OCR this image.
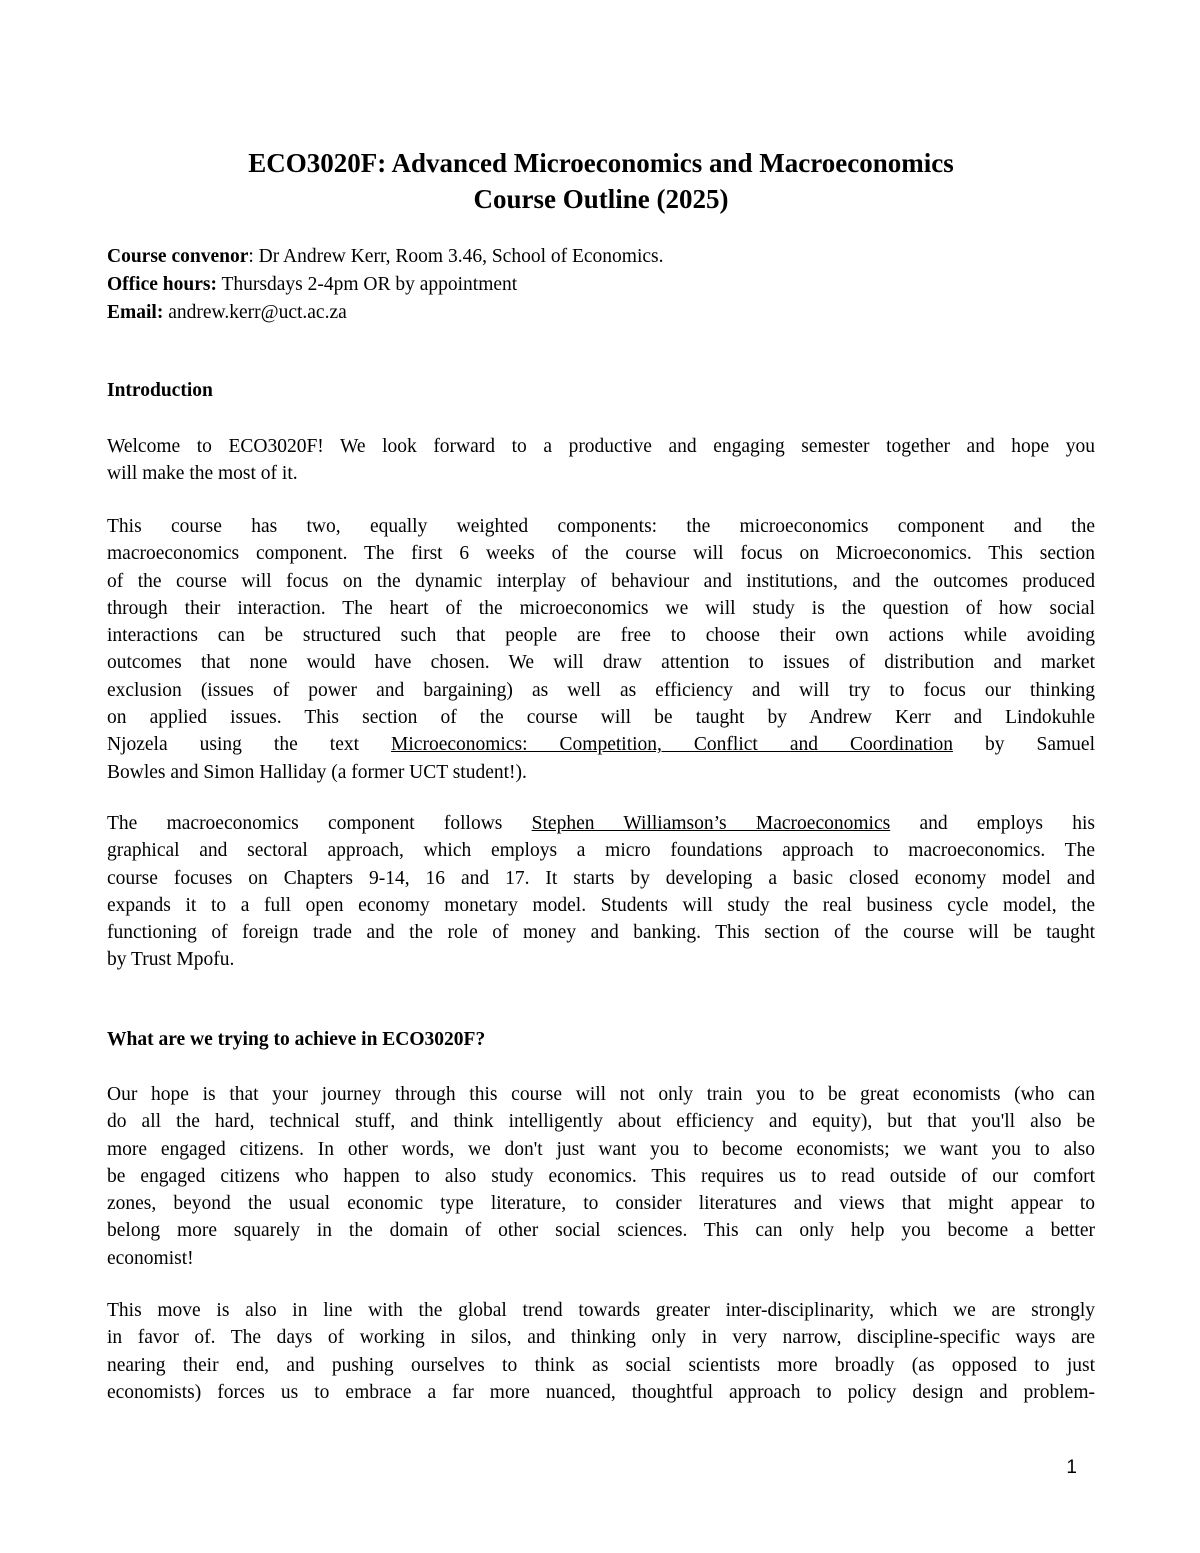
ECO3020F: Advanced Microeconomics and Macroeconomics
Course Outline (2025)
Course convenor: Dr Andrew Kerr, Room 3.46, School of Economics.
Office hours: Thursdays 2-4pm OR by appointment
Email: andrew.kerr@uct.ac.za
Introduction
Welcome to ECO3020F! We look forward to a productive and engaging semester together and hope you
will make the most of it.
This course has two, equally weighted components: the microeconomics component and the
macroeconomics component. The first 6 weeks of the course will focus on Microeconomics. This section
of the course will focus on the dynamic interplay of behaviour and institutions, and the outcomes produced
through their interaction. The heart of the microeconomics we will study is the question of how social
interactions can be structured such that people are free to choose their own actions while avoiding
outcomes that none would have chosen. We will draw attention to issues of distribution and market
exclusion (issues of power and bargaining) as well as efficiency and will try to focus our thinking
on applied issues. This section of the course will be taught by Andrew Kerr and Lindokuhle
Njozela using the text Microeconomics: Competition, Conflict and Coordination by Samuel
Bowles and Simon Halliday (a former UCT student!).
The macroeconomics component follows Stephen Williamson’s Macroeconomics and employs his
graphical and sectoral approach, which employs a micro foundations approach to macroeconomics. The
course focuses on Chapters 9-14, 16 and 17. It starts by developing a basic closed economy model and
expands it to a full open economy monetary model. Students will study the real business cycle model, the
functioning of foreign trade and the role of money and banking. This section of the course will be taught
by Trust Mpofu.
What are we trying to achieve in ECO3020F?
Our hope is that your journey through this course will not only train you to be great economists (who can
do all the hard, technical stuff, and think intelligently about efficiency and equity), but that you'll also be
more engaged citizens. In other words, we don't just want you to become economists; we want you to also
be engaged citizens who happen to also study economics. This requires us to read outside of our comfort
zones, beyond the usual economic type literature, to consider literatures and views that might appear to
belong more squarely in the domain of other social sciences. This can only help you become a better
economist!
This move is also in line with the global trend towards greater inter-disciplinarity, which we are strongly
in favor of. The days of working in silos, and thinking only in very narrow, discipline-specific ways are
nearing their end, and pushing ourselves to think as social scientists more broadly (as opposed to just
economists) forces us to embrace a far more nuanced, thoughtful approach to policy design and problem-
1
